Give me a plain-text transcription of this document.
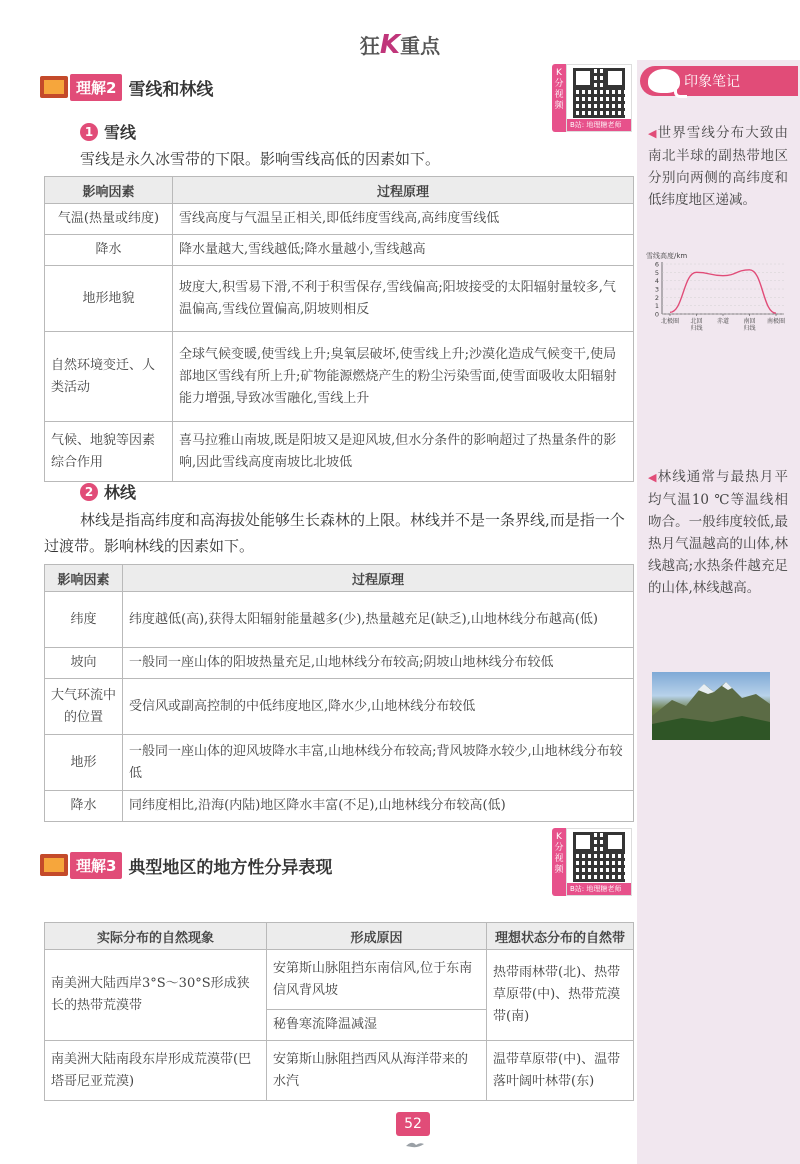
狂K重点
理解2 雪线和林线
K分视频
B站: 地理糖老师
1 雪线
雪线是永久冰雪带的下限。影响雪线高低的因素如下。
影响因素	过程原理
气温(热量或纬度)	雪线高度与气温呈正相关,即低纬度雪线高,高纬度雪线低
降水	降水量越大,雪线越低;降水量越小,雪线越高
地形地貌	坡度大,积雪易下滑,不利于积雪保存,雪线偏高;阳坡接受的太阳辐射量较多,气温偏高,雪线位置偏高,阴坡则相反
自然环境变迁、人类活动	全球气候变暖,使雪线上升;臭氧层破坏,使雪线上升;沙漠化造成气候变干,使局部地区雪线有所上升;矿物能源燃烧产生的粉尘污染雪面,使雪面吸收太阳辐射能力增强,导致冰雪融化,雪线上升
气候、地貌等因素综合作用	喜马拉雅山南坡,既是阳坡又是迎风坡,但水分条件的影响超过了热量条件的影响,因此雪线高度南坡比北坡低
2 林线
林线是指高纬度和高海拔处能够生长森林的上限。林线并不是一条界线,而是指一个过渡带。影响林线的因素如下。
影响因素	过程原理
纬度	纬度越低(高),获得太阳辐射能量越多(少),热量越充足(缺乏),山地林线分布越高(低)
坡向	一般同一座山体的阳坡热量充足,山地林线分布较高;阴坡山地林线分布较低
大气环流中的位置	受信风或副高控制的中低纬度地区,降水少,山地林线分布较低
地形	一般同一座山体的迎风坡降水丰富,山地林线分布较高;背风坡降水较少,山地林线分布较低
降水	同纬度相比,沿海(内陆)地区降水丰富(不足),山地林线分布较高(低)
理解3 典型地区的地方性分异表现
K分视频
B站: 地理糖老师
实际分布的自然现象	形成原因	理想状态分布的自然带
南美洲大陆西岸3°S～30°S形成狭长的热带荒漠带	安第斯山脉阻挡东南信风,位于东南信风背风坡	热带雨林带(北)、热带草原带(中)、热带荒漠带(南)
	秘鲁寒流降温减湿	
南美洲大陆南段东岸形成荒漠带(巴塔哥尼亚荒漠)	安第斯山脉阻挡西风从海洋带来的水汽	温带草原带(中)、温带落叶阔叶林带(东)
印象笔记
◀世界雪线分布大致由南北半球的副热带地区分别向两侧的高纬度和低纬度地区递减。
雪线高度/km
0
1
2
3
4
5
6
北极圈 北回归线
赤道 南回归线
南极圈
◀林线通常与最热月平均气温10 ℃等温线相吻合。一般纬度较低,最热月气温越高的山体,林线越高;水热条件越充足的山体,林线越高。
52
